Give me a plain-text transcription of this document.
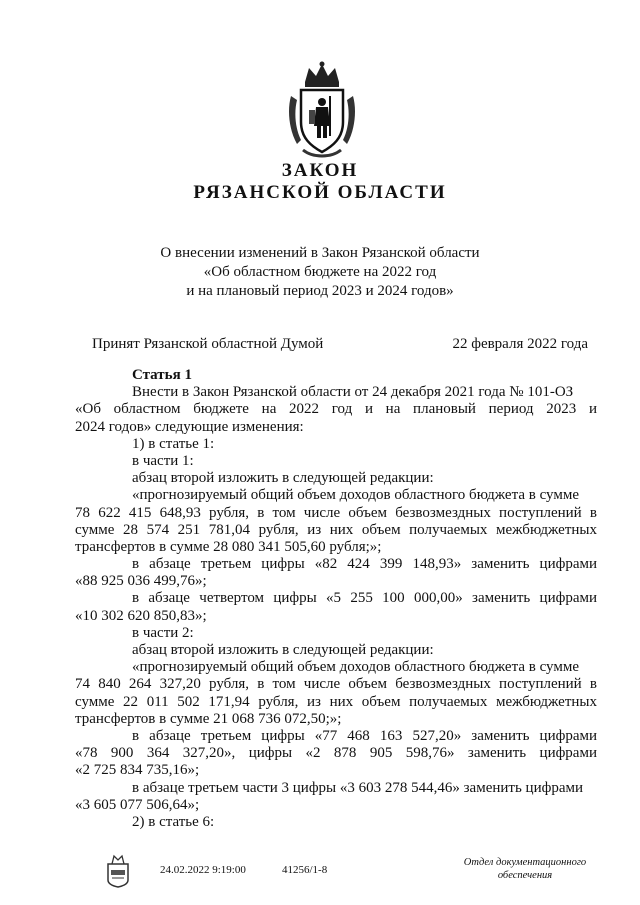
ЗАКОН
РЯЗАНСКОЙ ОБЛАСТИ
О внесении изменений в Закон Рязанской области
«Об областном бюджете на 2022 год
и на плановый период 2023 и 2024 годов»
Принят Рязанской областной Думой	22 февраля 2022 года
Статья 1
Внести в Закон Рязанской области от 24 декабря 2021 года № 101-ОЗ
«Об областном бюджете на 2022 год и на плановый период 2023 и
2024 годов» следующие изменения:
1) в статье 1:
в части 1:
абзац второй изложить в следующей редакции:
«прогнозируемый общий объем доходов областного бюджета в сумме
78 622 415 648,93 рубля, в том числе объем безвозмездных поступлений в
сумме 28 574 251 781,04 рубля, из них объем получаемых межбюджетных
трансфертов в сумме 28 080 341 505,60 рубля;»;
в абзаце третьем цифры «82 424 399 148,93» заменить цифрами
«88 925 036 499,76»;
в абзаце четвертом цифры «5 255 100 000,00» заменить цифрами
«10 302 620 850,83»;
в части 2:
абзац второй изложить в следующей редакции:
«прогнозируемый общий объем доходов областного бюджета в сумме
74 840 264 327,20 рубля, в том числе объем безвозмездных поступлений в
сумме 22 011 502 171,94 рубля, из них объем получаемых межбюджетных
трансфертов в сумме 21 068 736 072,50;»;
в абзаце третьем цифры «77 468 163 527,20» заменить цифрами
«78 900 364 327,20», цифры «2 878 905 598,76» заменить цифрами
«2 725 834 735,16»;
в абзаце третьем части 3 цифры «3 603 278 544,46» заменить цифрами
«3 605 077 506,64»;
2) в статье 6:
24.02.2022 9:19:00	41256/1-8
Отдел документационного
обеспечения
